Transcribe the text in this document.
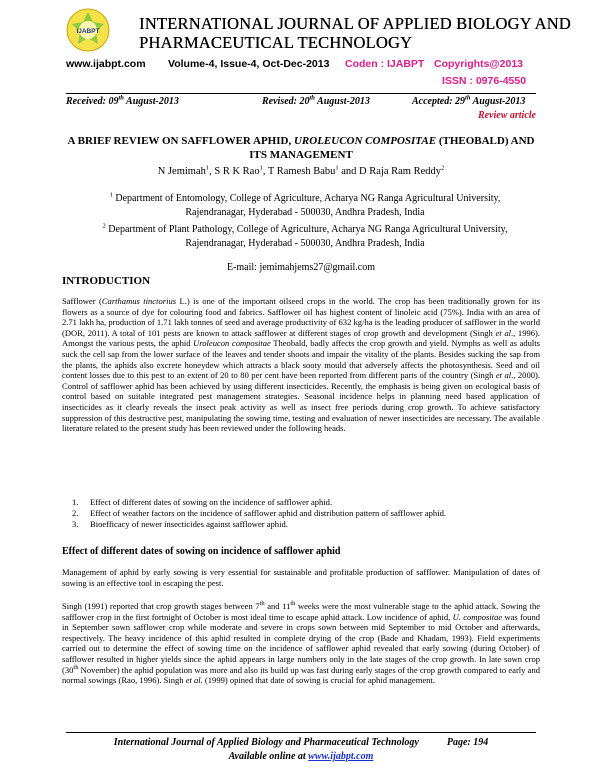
IJABPT INTERNATIONAL JOURNAL OF APPLIED BIOLOGY AND PHARMACEUTICAL TECHNOLOGY
www.ijabpt.com Volume-4, Issue-4, Oct-Dec-2013 Coden : IJABPT Copyrights@2013
ISSN : 0976-4550
Received: 09th August-2013	Revised: 20th August-2013	Accepted: 29th August-2013
Review article
A BRIEF REVIEW ON SAFFLOWER APHID, UROLEUCON COMPOSITAE (THEOBALD) AND ITS MANAGEMENT
N Jemimah$^1$, S R K Rao$^1$, T Ramesh Babu$^1$ and D Raja Ram Reddy$^2$
$^1$ Department of Entomology, College of Agriculture, Acharya NG Ranga Agricultural University,
Rajendranagar, Hyderabad - 500030, Andhra Pradesh, India
$^2$ Department of Plant Pathology, College of Agriculture, Acharya NG Ranga Agricultural University,
Rajendranagar, Hyderabad - 500030, Andhra Pradesh, India
E-mail: jemimahjems27@gmail.com
INTRODUCTION

Safflower (Carthamus tinctorius L.) is one of the important oilseed crops in the world. The crop has been traditionally grown for its flowers as a source of dye for colouring food and fabrics. Safflower oil has highest content of linoleic acid (75%). India with an area of 2.71 lakh ha, production of 1.71 lakh tonnes of seed and average productivity of 632 kg/ha is the leading producer of safflower in the world (DOR, 2011). A total of 101 pests are known to attack safflower at different stages of crop growth and development (Singh et al., 1996). Amongst the various pests, the aphid Uroleucon compositae Theobald, badly affects the crop growth and yield. Nymphs as well as adults suck the cell sap from the lower surface of the leaves and tender shoots and impair the vitality of the plants. Besides sucking the sap from the plants, the aphids also excrete honeydew which attracts a black sooty mould that adversely affects the photosynthesis. Seed and oil content losses due to this pest to an extent of 20 to 80 per cent have been reported from different parts of the country (Singh et al., 2000). Control of safflower aphid has been achieved by using different insecticides. Recently, the emphasis is being given on ecological basis of control based on suitable integrated pest management strategies. Seasonal incidence helps in planning need based application of insecticides as it clearly reveals the insect peak activity as well as insect free periods during crop growth. To achieve satisfactory suppression of this destructive pest, manipulating the sowing time, testing and evaluation of newer insecticides are necessary. The available literature related to the present study has been reviewed under the following heads.

1. Effect of different dates of sowing on the incidence of safflower aphid.
2. Effect of weather factors on the incidence of safflower aphid and distribution pattern of safflower aphid.
3. Bioefficacy of newer insecticides against safflower aphid.
Effect of different dates of sowing on incidence of safflower aphid

Management of aphid by early sowing is very essential for sustainable and profitable production of safflower. Manipulation of dates of sowing is an effective tool in escaping the pest.

Singh (1991) reported that crop growth stages between 7th and 11th weeks were the most vulnerable stage to the aphid attack. Sowing the safflower crop in the first fortnight of October is most ideal time to escape aphid attack. Low incidence of aphid, U. compositae was found in September sown safflower crop while moderate and severe in crops sown between mid September to mid October and afterwards, respectively. The heavy incidence of this aphid resulted in complete drying of the crop (Bade and Khadam, 1993). Field experiments carried out to determine the effect of sowing time on the incidence of safflower aphid revealed that early sowing (during October) of safflower resulted in higher yields since the aphid appears in large numbers only in the late stages of the crop growth. In late sown crop (30th November) the aphid population was more and also its build up was fast during early stages of the crop growth compared to early and normal sowings (Rao, 1996). Singh et al. (1999) opined that date of sowing is crucial for aphid management.

International Journal of Applied Biology and Pharmaceutical Technology	Page: 194
Available online at www.ijabpt.com
